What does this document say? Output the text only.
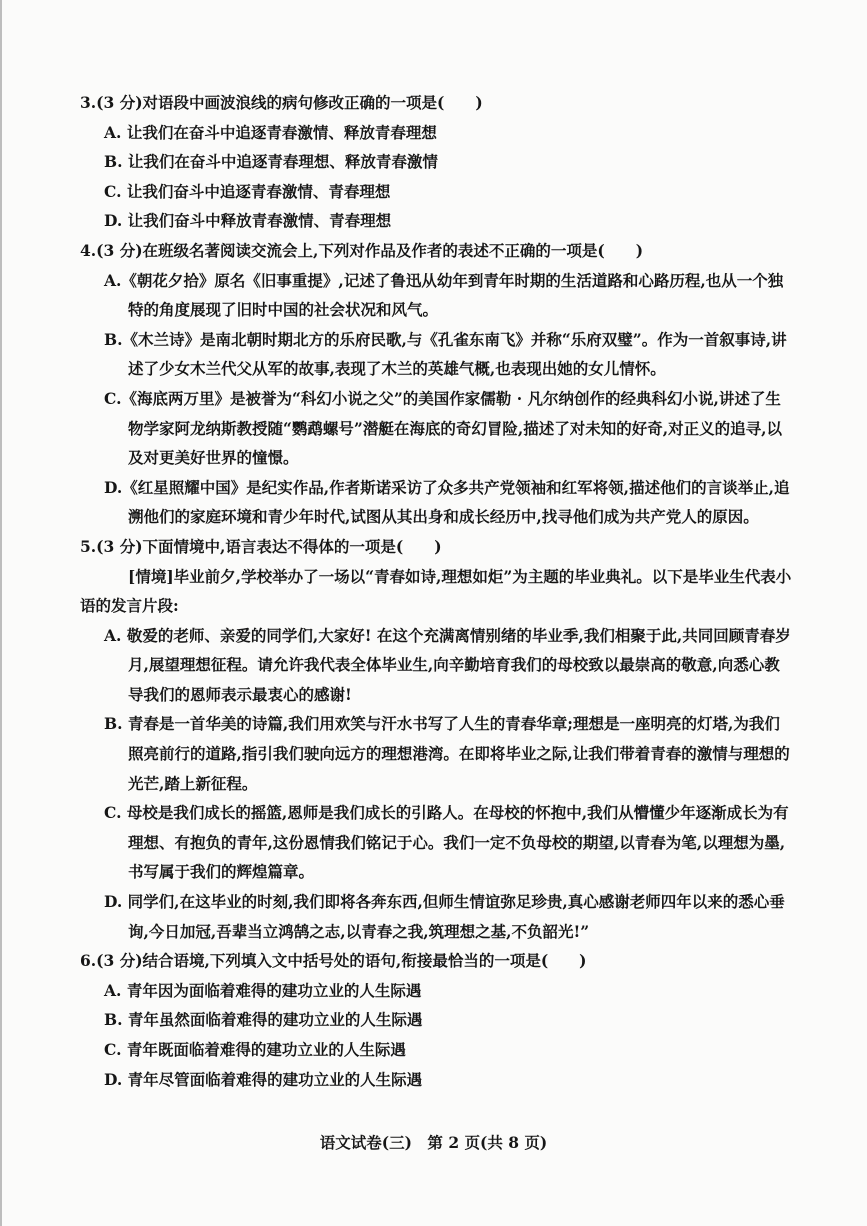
3.(3 分)对语段中画波浪线的病句修改正确的一项是(　　)
A. 让我们在奋斗中追逐青春激情、释放青春理想
B. 让我们在奋斗中追逐青春理想、释放青春激情
C. 让我们奋斗中追逐青春激情、青春理想
D. 让我们奋斗中释放青春激情、青春理想
4.(3 分)在班级名著阅读交流会上,下列对作品及作者的表述不正确的一项是(　　)
A.《朝花夕拾》原名《旧事重提》,记述了鲁迅从幼年到青年时期的生活道路和心路历程,也从一个独特的角度展现了旧时中国的社会状况和风气。
B.《木兰诗》是南北朝时期北方的乐府民歌,与《孔雀东南飞》并称“乐府双璧”。作为一首叙事诗,讲述了少女木兰代父从军的故事,表现了木兰的英雄气概,也表现出她的女儿情怀。
C.《海底两万里》是被誉为“科幻小说之父”的美国作家儒勒 · 凡尔纳创作的经典科幻小说,讲述了生物学家阿龙纳斯教授随“鹦鹉螺号”潜艇在海底的奇幻冒险,描述了对未知的好奇,对正义的追寻,以及对更美好世界的憧憬。
D.《红星照耀中国》是纪实作品,作者斯诺采访了众多共产党领袖和红军将领,描述他们的言谈举止,追溯他们的家庭环境和青少年时代,试图从其出身和成长经历中,找寻他们成为共产党人的原因。
5.(3 分)下面情境中,语言表达不得体的一项是(　　)
[情境]毕业前夕,学校举办了一场以“青春如诗,理想如炬”为主题的毕业典礼。以下是毕业生代表小语的发言片段:
A. 敬爱的老师、亲爱的同学们,大家好! 在这个充满离情别绪的毕业季,我们相聚于此,共同回顾青春岁月,展望理想征程。请允许我代表全体毕业生,向辛勤培育我们的母校致以最崇高的敬意,向悉心教导我们的恩师表示最衷心的感谢!
B. 青春是一首华美的诗篇,我们用欢笑与汗水书写了人生的青春华章;理想是一座明亮的灯塔,为我们照亮前行的道路,指引我们驶向远方的理想港湾。在即将毕业之际,让我们带着青春的激情与理想的光芒,踏上新征程。
C. 母校是我们成长的摇篮,恩师是我们成长的引路人。在母校的怀抱中,我们从懵懂少年逐渐成长为有理想、有抱负的青年,这份恩情我们铭记于心。我们一定不负母校的期望,以青春为笔,以理想为墨,书写属于我们的辉煌篇章。
D. 同学们,在这毕业的时刻,我们即将各奔东西,但师生情谊弥足珍贵,真心感谢老师四年以来的悉心垂询,今日加冠,吾辈当立鸿鹄之志,以青春之我,筑理想之基,不负韶光!”
6.(3 分)结合语境,下列填入文中括号处的语句,衔接最恰当的一项是(　　)
A. 青年因为面临着难得的建功立业的人生际遇
B. 青年虽然面临着难得的建功立业的人生际遇
C. 青年既面临着难得的建功立业的人生际遇
D. 青年尽管面临着难得的建功立业的人生际遇
语文试卷(三)　第 2 页(共 8 页)
